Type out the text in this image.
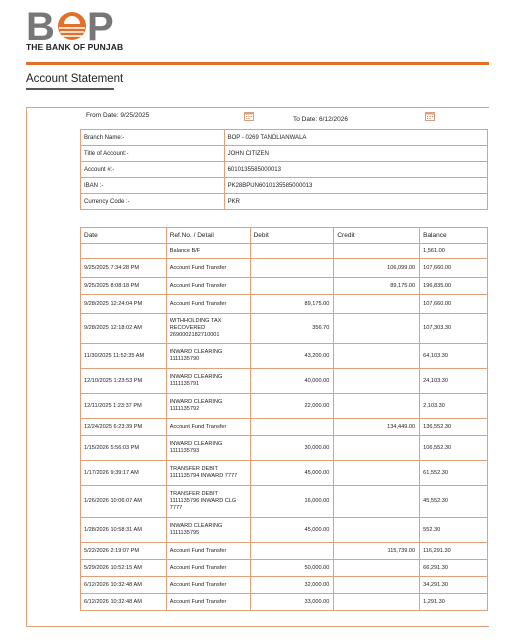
B P
THE BANK OF PUNJAB
Account Statement
From Date: 9/25/2025
To Date: 6/12/2026
Branch Name:-	BOP - 0269 TANDLIANWALA
Title of Account:-	JOHN CITIZEN
Account #:-	6010135585000013
IBAN :-	PK28BPUN6010135585000013
Currency Code :-	PKR
Date	Ref.No. / Detail	Debit	Credit	Balance

	Balance B/F			1,561.00
9/25/2025 7:34:28 PM	Account Fund Transfer		106,099.00	107,660.00
9/25/2025 8:08:18 PM	Account Fund Transfer		89,175.00	196,835.00
9/28/2025 12:24:04 PM	Account Fund Transfer	89,175.00		107,660.00
9/28/2025 12:18:02 AM	WITHHOLDING TAX
RECOVERED
2690002182710001	356.70		107,303.30
11/30/2025 11:52:35 AM	INWARD CLEARING
1111135790	43,200.00		64,103.30
12/10/2025 1:23:53 PM	INWARD CLEARING
1111135791	40,000.00		24,103.30
12/11/2025 1:23:37 PM	INWARD CLEARING
1111135792	22,000.00		2,103.30
12/24/2025 6:23:39 PM	Account Fund Transfer		134,449.00	136,552.30
1/15/2026 5:56:03 PM	INWARD CLEARING
1111135793	30,000.00		106,552.30
1/17/2026 9:39:17 AM	TRANSFER DEBIT
1111135794 INWARD 7777	45,000.00		61,552.30
1/26/2026 10:06:07 AM	TRANSFER DEBIT
1111135796 INWARD CLG
7777	16,000.00		45,552.30
1/28/2026 10:58:31 AM	INWARD CLEARING
1111135795	45,000.00		552.30
5/22/2026 2:19:07 PM	Account Fund Transfer		115,739.00	116,291.30
5/29/2026 10:52:15 AM	Account Fund Transfer	50,000.00		66,291.30
6/12/2026 10:32:48 AM	Account Fund Transfer	32,000.00		34,291.30
6/12/2026 10:32:48 AM	Account Fund Transfer	33,000.00		1,291.30
